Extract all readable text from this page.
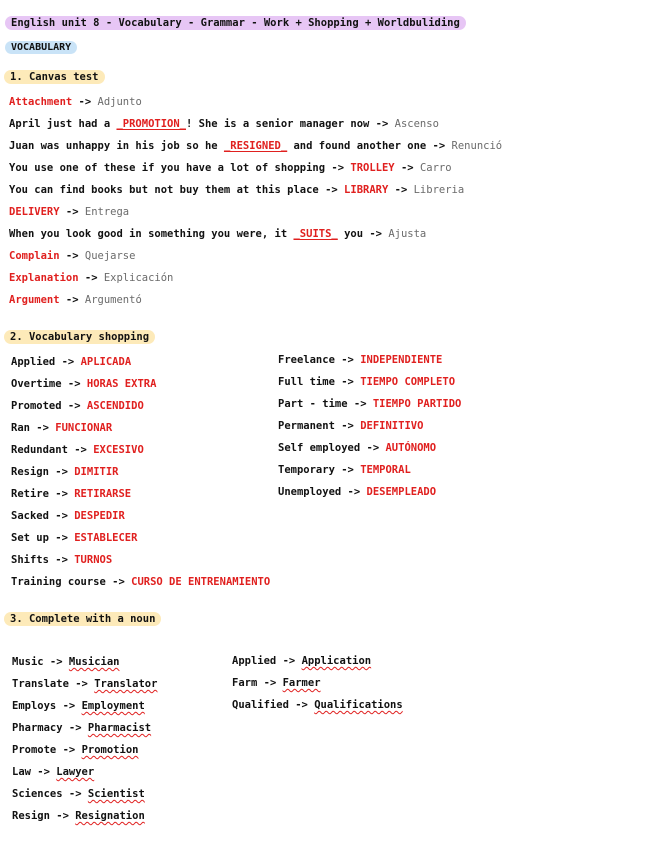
English unit 8 - Vocabulary - Grammar - Work + Shopping + Worldbuliding
VOCABULARY
1. Canvas test
Attachment -> Adjunto
April just had a _PROMOTION_! She is a senior manager now -> Ascenso
Juan was unhappy in his job so he _RESIGNED_ and found another one -> Renunció
You use one of these if you have a lot of shopping -> TROLLEY -> Carro
You can find books but not buy them at this place -> LIBRARY -> Libreria
DELIVERY -> Entrega
When you look good in something you were, it _SUITS_ you -> Ajusta
Complain -> Quejarse
Explanation -> Explicación
Argument -> Argumentó
2. Vocabulary shopping
Applied -> APLICADA
Overtime -> HORAS EXTRA
Promoted -> ASCENDIDO
Ran -> FUNCIONAR
Redundant -> EXCESIVO
Resign -> DIMITIR
Retire -> RETIRARSE
Sacked -> DESPEDIR
Set up -> ESTABLECER
Shifts -> TURNOS
Training course -> CURSO DE ENTRENAMIENTO
Freelance -> INDEPENDIENTE
Full time -> TIEMPO COMPLETO
Part - time -> TIEMPO PARTIDO
Permanent -> DEFINITIVO
Self employed -> AUTÓNOMO
Temporary -> TEMPORAL
Unemployed -> DESEMPLEADO
3. Complete with a noun
Music -> Musician
Translate -> Translator
Employs -> Employment
Pharmacy -> Pharmacist
Promote -> Promotion
Law -> Lawyer
Sciences -> Scientist
Resign -> Resignation
Applied -> Application
Farm -> Farmer
Qualified -> Qualifications
